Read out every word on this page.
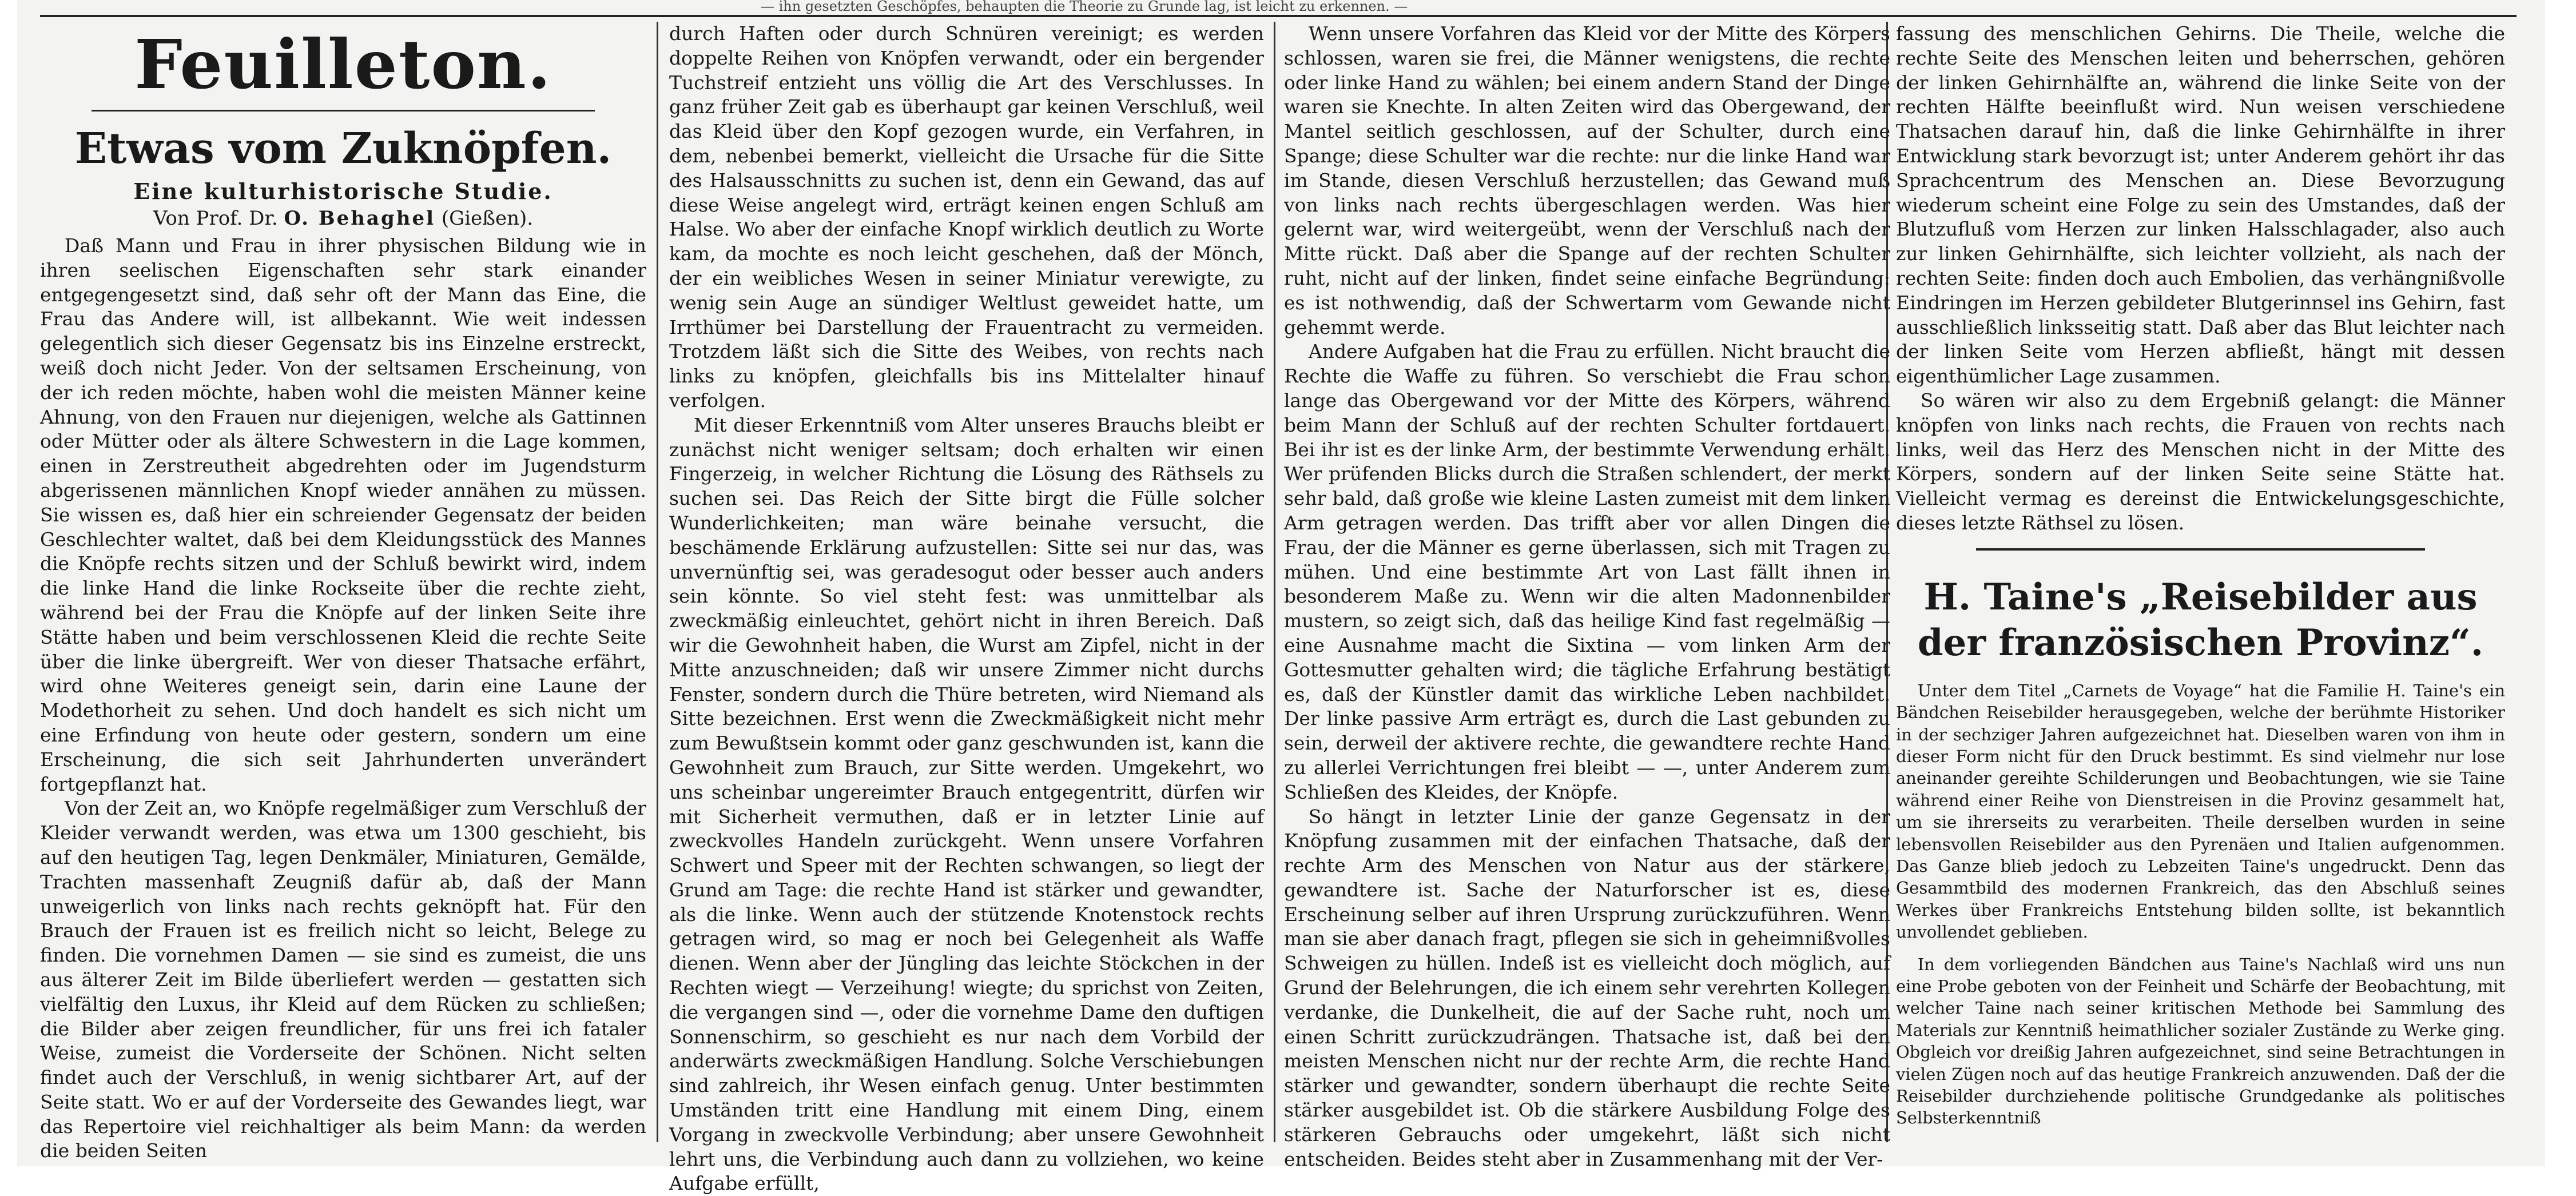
— ihn gesetzten Geschöpfes, behaupten die Theorie zu Grunde lag, ist leicht zu erkennen. —
Feuilleton.
Etwas vom Zuknöpfen.
Eine kulturhistorische Studie.
Von Prof. Dr. O. Behaghel (Gießen).

Daß Mann und Frau in ihrer physischen Bildung wie in ihren seelischen Eigenschaften sehr stark einander entgegengesetzt sind, daß sehr oft der Mann das Eine, die Frau das Andere will, ist allbekannt. Wie weit indessen gelegentlich sich dieser Gegensatz bis ins Einzelne erstreckt, weiß doch nicht Jeder. Von der seltsamen Erscheinung, von der ich reden möchte, haben wohl die meisten Männer keine Ahnung, von den Frauen nur diejenigen, welche als Gattinnen oder Mütter oder als ältere Schwestern in die Lage kommen, einen in Zerstreutheit abgedrehten oder im Jugendsturm abgerissenen männlichen Knopf wieder annähen zu müssen. Sie wissen es, daß hier ein schreiender Gegensatz der beiden Geschlechter waltet, daß bei dem Kleidungsstück des Mannes die Knöpfe rechts sitzen und der Schluß bewirkt wird, indem die linke Hand die linke Rockseite über die rechte zieht, während bei der Frau die Knöpfe auf der linken Seite ihre Stätte haben und beim verschlossenen Kleid die rechte Seite über die linke übergreift. Wer von dieser Thatsache erfährt, wird ohne Weiteres geneigt sein, darin eine Laune der Modethorheit zu sehen. Und doch handelt es sich nicht um eine Erfindung von heute oder gestern, sondern um eine Erscheinung, die sich seit Jahrhunderten unverändert fortgepflanzt hat.

Von der Zeit an, wo Knöpfe regelmäßiger zum Verschluß der Kleider verwandt werden, was etwa um 1300 geschieht, bis auf den heutigen Tag, legen Denkmäler, Miniaturen, Gemälde, Trachten massenhaft Zeugniß dafür ab, daß der Mann unweigerlich von links nach rechts geknöpft hat. Für den Brauch der Frauen ist es freilich nicht so leicht, Belege zu finden. Die vornehmen Damen — sie sind es zumeist, die uns aus älterer Zeit im Bilde überliefert werden — gestatten sich vielfältig den Luxus, ihr Kleid auf dem Rücken zu schließen; die Bilder aber zeigen freundlicher, für uns frei ich fataler Weise, zumeist die Vorderseite der Schönen. Nicht selten findet auch der Verschluß, in wenig sichtbarer Art, auf der Seite statt. Wo er auf der Vorderseite des Gewandes liegt, war das Repertoire viel reichhaltiger als beim Mann: da werden die beiden Seiten

durch Haften oder durch Schnüren vereinigt; es werden doppelte Reihen von Knöpfen verwandt, oder ein bergender Tuchstreif entzieht uns völlig die Art des Verschlusses. In ganz früher Zeit gab es überhaupt gar keinen Verschluß, weil das Kleid über den Kopf gezogen wurde, ein Verfahren, in dem, nebenbei bemerkt, vielleicht die Ursache für die Sitte des Halsausschnitts zu suchen ist, denn ein Gewand, das auf diese Weise angelegt wird, erträgt keinen engen Schluß am Halse. Wo aber der einfache Knopf wirklich deutlich zu Worte kam, da mochte es noch leicht geschehen, daß der Mönch, der ein weibliches Wesen in seiner Miniatur verewigte, zu wenig sein Auge an sündiger Weltlust geweidet hatte, um Irrthümer bei Darstellung der Frauentracht zu vermeiden. Trotzdem läßt sich die Sitte des Weibes, von rechts nach links zu knöpfen, gleichfalls bis ins Mittelalter hinauf verfolgen.

Mit dieser Erkenntniß vom Alter unseres Brauchs bleibt er zunächst nicht weniger seltsam; doch erhalten wir einen Fingerzeig, in welcher Richtung die Lösung des Räthsels zu suchen sei. Das Reich der Sitte birgt die Fülle solcher Wunderlichkeiten; man wäre beinahe versucht, die beschämende Erklärung aufzustellen: Sitte sei nur das, was unvernünftig sei, was geradesogut oder besser auch anders sein könnte. So viel steht fest: was unmittelbar als zweckmäßig einleuchtet, gehört nicht in ihren Bereich. Daß wir die Gewohnheit haben, die Wurst am Zipfel, nicht in der Mitte anzuschneiden; daß wir unsere Zimmer nicht durchs Fenster, sondern durch die Thüre betreten, wird Niemand als Sitte bezeichnen. Erst wenn die Zweckmäßigkeit nicht mehr zum Bewußtsein kommt oder ganz geschwunden ist, kann die Gewohnheit zum Brauch, zur Sitte werden. Umgekehrt, wo uns scheinbar ungereimter Brauch entgegentritt, dürfen wir mit Sicherheit vermuthen, daß er in letzter Linie auf zweckvolles Handeln zurückgeht. Wenn unsere Vorfahren Schwert und Speer mit der Rechten schwangen, so liegt der Grund am Tage: die rechte Hand ist stärker und gewandter, als die linke. Wenn auch der stützende Knotenstock rechts getragen wird, so mag er noch bei Gelegenheit als Waffe dienen. Wenn aber der Jüngling das leichte Stöckchen in der Rechten wiegt — Verzeihung! wiegte; du sprichst von Zeiten, die vergangen sind —, oder die vornehme Dame den duftigen Sonnenschirm, so geschieht es nur nach dem Vorbild der anderwärts zweckmäßigen Handlung. Solche Verschiebungen sind zahlreich, ihr Wesen einfach genug. Unter bestimmten Umständen tritt eine Handlung mit einem Ding, einem Vorgang in zweckvolle Verbindung; aber unsere Gewohnheit lehrt uns, die Verbindung auch dann zu vollziehen, wo keine Aufgabe erfüllt,

Wenn unsere Vorfahren das Kleid vor der Mitte des Körpers schlossen, waren sie frei, die Männer wenigstens, die rechte oder linke Hand zu wählen; bei einem andern Stand der Dinge waren sie Knechte. In alten Zeiten wird das Obergewand, der Mantel seitlich geschlossen, auf der Schulter, durch eine Spange; diese Schulter war die rechte: nur die linke Hand war im Stande, diesen Verschluß herzustellen; das Gewand muß von links nach rechts übergeschlagen werden. Was hier gelernt war, wird weitergeübt, wenn der Verschluß nach der Mitte rückt. Daß aber die Spange auf der rechten Schulter ruht, nicht auf der linken, findet seine einfache Begründung: es ist nothwendig, daß der Schwertarm vom Gewande nicht gehemmt werde.

Andere Aufgaben hat die Frau zu erfüllen. Nicht braucht die Rechte die Waffe zu führen. So verschiebt die Frau schon lange das Obergewand vor der Mitte des Körpers, während beim Mann der Schluß auf der rechten Schulter fortdauert. Bei ihr ist es der linke Arm, der bestimmte Verwendung erhält. Wer prüfenden Blicks durch die Straßen schlendert, der merkt sehr bald, daß große wie kleine Lasten zumeist mit dem linken Arm getragen werden. Das trifft aber vor allen Dingen die Frau, der die Männer es gerne überlassen, sich mit Tragen zu mühen. Und eine bestimmte Art von Last fällt ihnen in besonderem Maße zu. Wenn wir die alten Madonnenbilder mustern, so zeigt sich, daß das heilige Kind fast regelmäßig — eine Ausnahme macht die Sixtina — vom linken Arm der Gottesmutter gehalten wird; die tägliche Erfahrung bestätigt es, daß der Künstler damit das wirkliche Leben nachbildet. Der linke passive Arm erträgt es, durch die Last gebunden zu sein, derweil der aktivere rechte, die gewandtere rechte Hand zu allerlei Verrichtungen frei bleibt — —, unter Anderem zum Schließen des Kleides, der Knöpfe.

So hängt in letzter Linie der ganze Gegensatz in der Knöpfung zusammen mit der einfachen Thatsache, daß der rechte Arm des Menschen von Natur aus der stärkere, gewandtere ist. Sache der Naturforscher ist es, diese Erscheinung selber auf ihren Ursprung zurückzuführen. Wenn man sie aber danach fragt, pflegen sie sich in geheimnißvolles Schweigen zu hüllen. Indeß ist es vielleicht doch möglich, auf Grund der Belehrungen, die ich einem sehr verehrten Kollegen verdanke, die Dunkelheit, die auf der Sache ruht, noch um einen Schritt zurückzudrängen. Thatsache ist, daß bei den meisten Menschen nicht nur der rechte Arm, die rechte Hand stärker und gewandter, sondern überhaupt die rechte Seite stärker ausgebildet ist. Ob die stärkere Ausbildung Folge des stärkeren Gebrauchs oder umgekehrt, läßt sich nicht entscheiden. Beides steht aber in Zusammenhang mit der Ver-

fassung des menschlichen Gehirns. Die Theile, welche die rechte Seite des Menschen leiten und beherrschen, gehören der linken Gehirnhälfte an, während die linke Seite von der rechten Hälfte beeinflußt wird. Nun weisen verschiedene Thatsachen darauf hin, daß die linke Gehirnhälfte in ihrer Entwicklung stark bevorzugt ist; unter Anderem gehört ihr das Sprachcentrum des Menschen an. Diese Bevorzugung wiederum scheint eine Folge zu sein des Umstandes, daß der Blutzufluß vom Herzen zur linken Halsschlagader, also auch zur linken Gehirnhälfte, sich leichter vollzieht, als nach der rechten Seite: finden doch auch Embolien, das verhängnißvolle Eindringen im Herzen gebildeter Blutgerinnsel ins Gehirn, fast ausschließlich linksseitig statt. Daß aber das Blut leichter nach der linken Seite vom Herzen abfließt, hängt mit dessen eigenthümlicher Lage zusammen.

So wären wir also zu dem Ergebniß gelangt: die Männer knöpfen von links nach rechts, die Frauen von rechts nach links, weil das Herz des Menschen nicht in der Mitte des Körpers, sondern auf der linken Seite seine Stätte hat. Vielleicht vermag es dereinst die Entwickelungsgeschichte, dieses letzte Räthsel zu lösen.

H. Taine's „Reisebilder aus der französischen Provinz“.

Unter dem Titel „Carnets de Voyage“ hat die Familie H. Taine's ein Bändchen Reisebilder herausgegeben, welche der berühmte Historiker in der sechziger Jahren aufgezeichnet hat. Dieselben waren von ihm in dieser Form nicht für den Druck bestimmt. Es sind vielmehr nur lose aneinander gereihte Schilderungen und Beobachtungen, wie sie Taine während einer Reihe von Dienstreisen in die Provinz gesammelt hat, um sie ihrerseits zu verarbeiten. Theile derselben wurden in seine lebensvollen Reisebilder aus den Pyrenäen und Italien aufgenommen. Das Ganze blieb jedoch zu Lebzeiten Taine's ungedruckt. Denn das Gesammtbild des modernen Frankreich, das den Abschluß seines Werkes über Frankreichs Entstehung bilden sollte, ist bekanntlich unvollendet geblieben.

In dem vorliegenden Bändchen aus Taine's Nachlaß wird uns nun eine Probe geboten von der Feinheit und Schärfe der Beobachtung, mit welcher Taine nach seiner kritischen Methode bei Sammlung des Materials zur Kenntniß heimathlicher sozialer Zustände zu Werke ging. Obgleich vor dreißig Jahren aufgezeichnet, sind seine Betrachtungen in vielen Zügen noch auf das heutige Frankreich anzuwenden. Daß der die Reisebilder durchziehende politische Grundgedanke als politisches Selbsterkenntniß
